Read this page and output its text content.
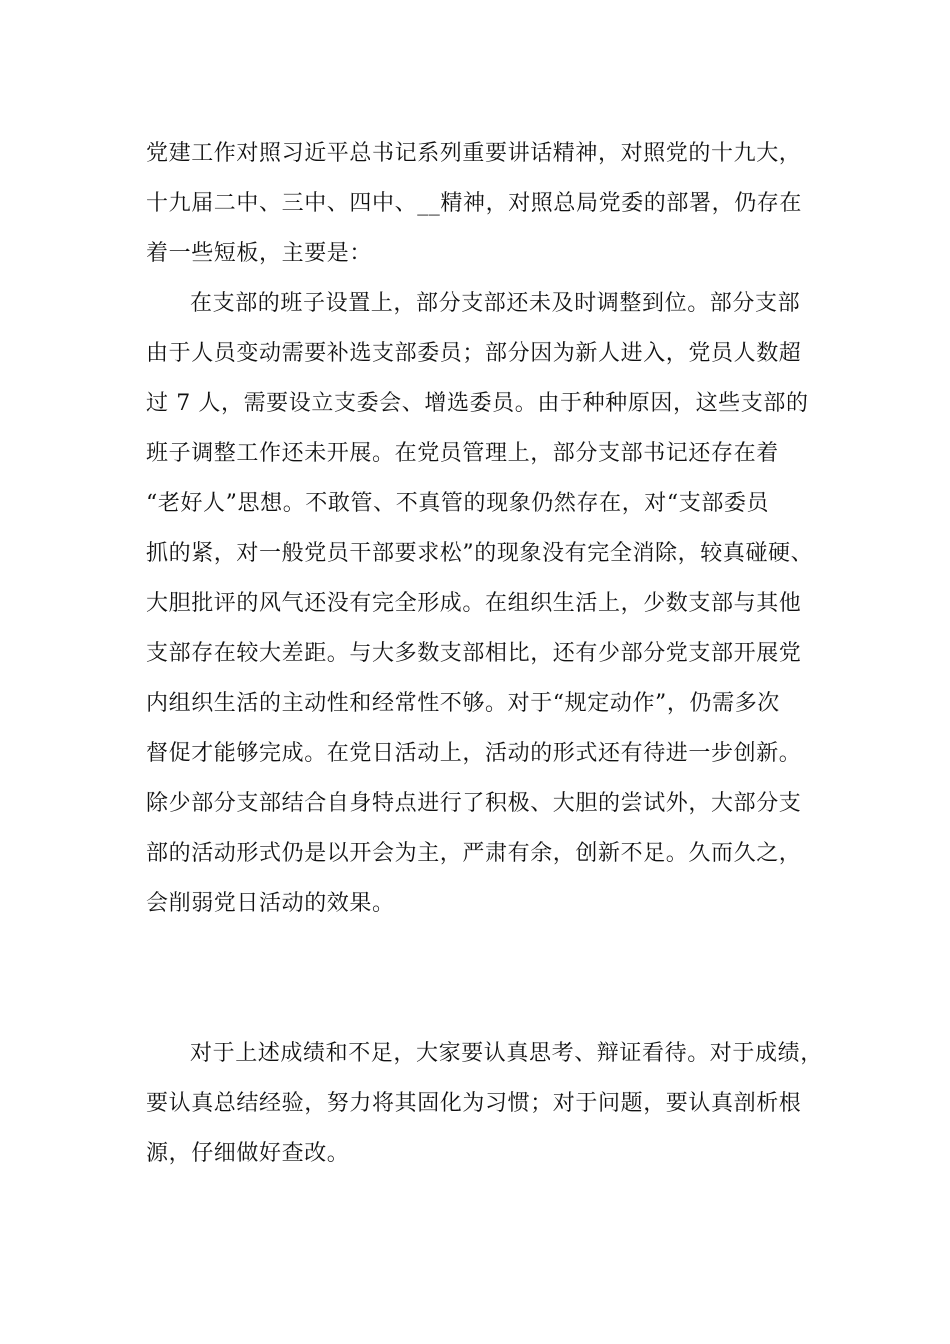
党建工作对照习近平总书记系列重要讲话精神，对照党的十九大，
十九届二中、三中、四中、__精神，对照总局党委的部署，仍存在
着一些短板，主要是：
在支部的班子设置上，部分支部还未及时调整到位。部分支部
由于人员变动需要补选支部委员；部分因为新人进入，党员人数超
过 7 人，需要设立支委会、增选委员。由于种种原因，这些支部的
班子调整工作还未开展。在党员管理上，部分支部书记还存在着
“老好人”思想。不敢管、不真管的现象仍然存在，对“支部委员
抓的紧，对一般党员干部要求松”的现象没有完全消除，较真碰硬、
大胆批评的风气还没有完全形成。在组织生活上，少数支部与其他
支部存在较大差距。与大多数支部相比，还有少部分党支部开展党
内组织生活的主动性和经常性不够。对于“规定动作”，仍需多次
督促才能够完成。在党日活动上，活动的形式还有待进一步创新。
除少部分支部结合自身特点进行了积极、大胆的尝试外，大部分支
部的活动形式仍是以开会为主，严肃有余，创新不足。久而久之，
会削弱党日活动的效果。
对于上述成绩和不足，大家要认真思考、辩证看待。对于成绩，
要认真总结经验，努力将其固化为习惯；对于问题，要认真剖析根
源，仔细做好查改。
